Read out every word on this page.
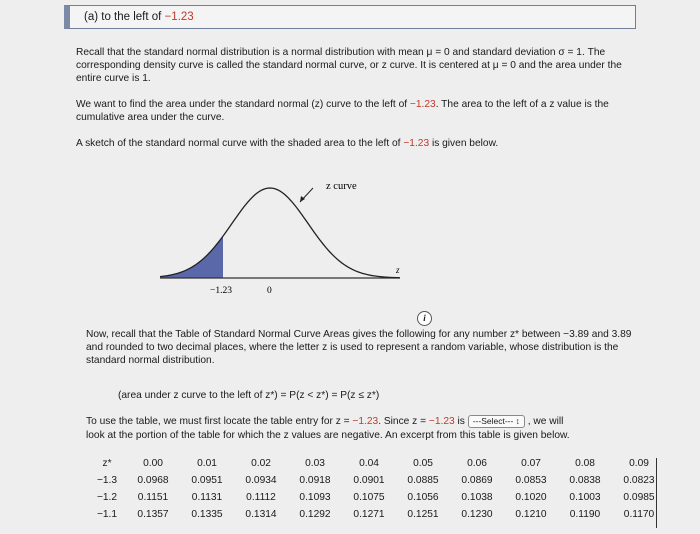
(a) to the left of −1.23
Recall that the standard normal distribution is a normal distribution with mean μ = 0 and standard deviation σ = 1. The corresponding density curve is called the standard normal curve, or z curve. It is centered at μ = 0 and the area under the entire curve is 1.
We want to find the area under the standard normal (z) curve to the left of −1.23. The area to the left of a z value is the cumulative area under the curve.
A sketch of the standard normal curve with the shaded area to the left of −1.23 is given below.
z curve
z
−1.23	0
i
Now, recall that the Table of Standard Normal Curve Areas gives the following for any number z* between −3.89 and 3.89 and rounded to two decimal places, where the letter z is used to represent a random variable, whose distribution is the standard normal distribution.
(area under z curve to the left of z*) = P(z < z*) = P(z ≤ z*)
To use the table, we must first locate the table entry for z = −1.23. Since z = −1.23 is ---Select--- ↕ , we will
look at the portion of the table for which the z values are negative. An excerpt from this table is given below.
z*	0.00	0.01	0.02	0.03	0.04	0.05	0.06	0.07	0.08	0.09
−1.3	0.0968	0.0951	0.0934	0.0918	0.0901	0.0885	0.0869	0.0853	0.0838	0.0823
−1.2	0.1151	0.1131	0.1112	0.1093	0.1075	0.1056	0.1038	0.1020	0.1003	0.0985
−1.1	0.1357	0.1335	0.1314	0.1292	0.1271	0.1251	0.1230	0.1210	0.1190	0.1170
